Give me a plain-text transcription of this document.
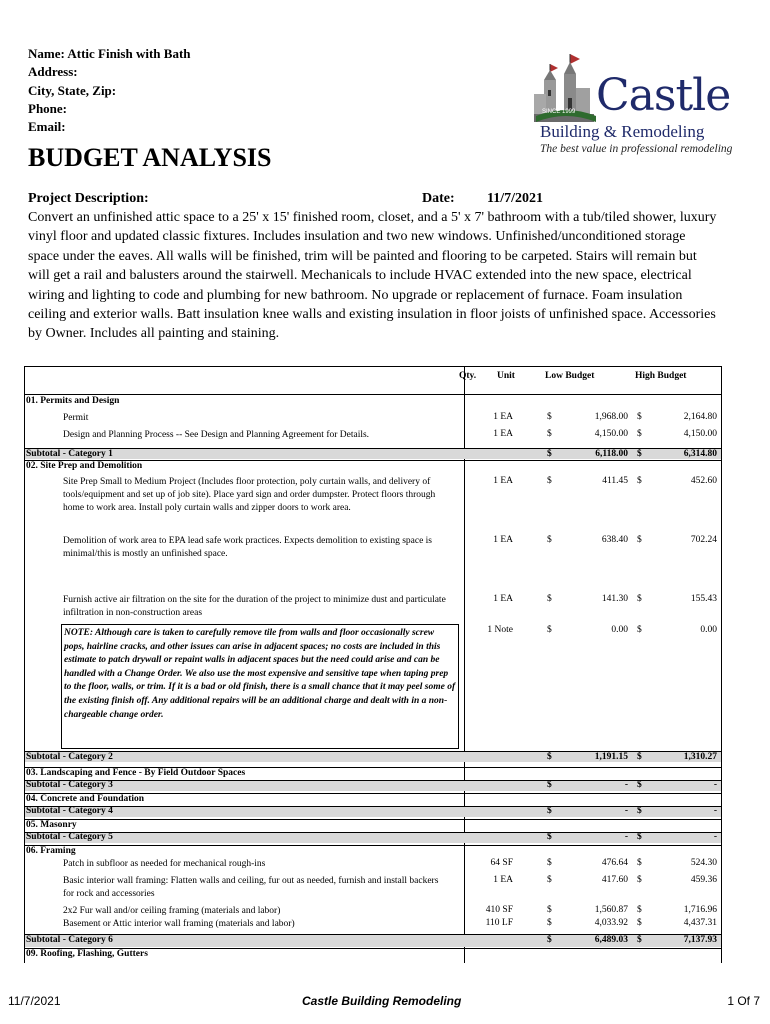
Name: Attic Finish with Bath
Address:
City, State, Zip:
Phone:
Email:
SINCE 1999 Castle
Building & Remodeling
The best value in professional remodeling
BUDGET ANALYSIS
Project Description:	Date: 11/7/2021
Convert an unfinished attic space to a 25' x 15' finished room, closet, and a 5' x 7' bathroom with a tub/tiled shower, luxury vinyl floor and updated classic fixtures. Includes insulation and two new windows. Unfinished/unconditioned storage space under the eaves. All walls will be finished, trim will be painted and flooring to be carpeted. Stairs will remain but will get a rail and balusters around the stairwell. Mechanicals to include HVAC extended into the new space, electrical wiring and lighting to code and plumbing for new bathroom. No upgrade or replacement of furnace. Foam insulation ceiling and exterior walls. Batt insulation knee walls and existing insulation in floor joists of unfinished space. Accessories by Owner. Includes all painting and staining.
Qty. Unit	Low Budget	High Budget
01. Permits and Design
Permit	1 EA	$	1,968.00 $	2,164.80
Design and Planning Process -- See Design and Planning Agreement for Details.	1 EA	$	4,150.00 $	4,150.00
Subtotal - Category 1	$	6,118.00 $	6,314.80
02. Site Prep and Demolition
Site Prep Small to Medium Project (Includes floor protection, poly curtain walls, and delivery of tools/equipment and set up of job site). Place yard sign and order dumpster. Protect floors through home to work area. Install poly curtain walls and zipper doors to work area.
1 EA	$	411.45 $	452.60
Demolition of work area to EPA lead safe work practices. Expects demolition to existing space is minimal/this is mostly an unfinished space.
1 EA	$	638.40 $	702.24
Furnish active air filtration on the site for the duration of the project to minimize dust and particulate infiltration in non-construction areas
1 EA	$	141.30 $	155.43
NOTE: Although care is taken to carefully remove tile from walls and floor occasionally screw pops, hairline cracks, and other issues can arise in adjacent spaces; no costs are included in this estimate to patch drywall or repaint walls in adjacent spaces but the need could arise and can be handled with a Change Order. We also use the most expensive and sensitive tape when taping prep to the floor, walls, or trim. If it is a bad or old finish, there is a small chance that it may peel some of the existing finish off. Any additional repairs will be an additional charge and dealt with in a non-chargeable change order.
1 Note	$	0.00 $	0.00
Subtotal - Category 2	$	1,191.15 $	1,310.27
03. Landscaping and Fence - By Field Outdoor Spaces
Subtotal - Category 3	$	- $	-
04. Concrete and Foundation
Subtotal - Category 4	$	- $	-
05. Masonry
Subtotal - Category 5	$	- $	-
06. Framing
Patch in subfloor as needed for mechanical rough-ins	64 SF	$	476.64 $	524.30
Basic interior wall framing: Flatten walls and ceiling, fur out as needed, furnish and install backers for rock and accessories
1 EA	$	417.60 $	459.36
2x2 Fur wall and/or ceiling framing (materials and labor)	410 SF	$	1,560.87 $	1,716.96
Basement or Attic interior wall framing (materials and labor)	110 LF	$	4,033.92 $	4,437.31
Subtotal - Category 6	$	6,489.03 $	7,137.93
09. Roofing, Flashing, Gutters
11/7/2021	Castle Building Remodeling	1 Of 7
